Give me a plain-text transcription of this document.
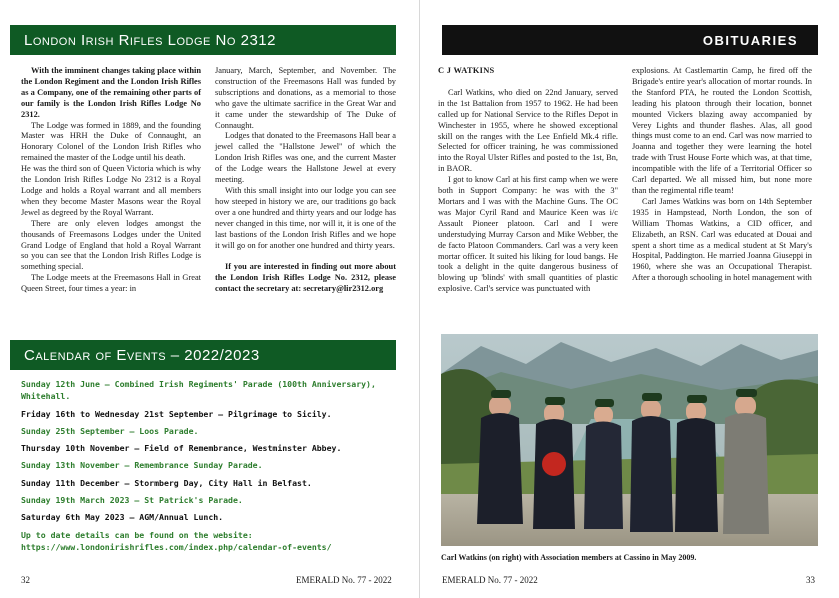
London Irish Rifles Lodge No 2312

With the imminent changes taking place within the London Regiment and the London Irish Rifles as a Company, one of the remaining other parts of our family is the London Irish Rifles Lodge No 2312.

The Lodge was formed in 1889, and the founding Master was HRH the Duke of Connaught, an Honorary Colonel of the London Irish Rifles who remained the master of the Lodge until his death.

He was the third son of Queen Victoria which is why the London Irish Rifles Lodge No 2312 is a Royal Lodge and holds a Royal warrant and all members when they become Master Masons wear the Royal Jewel as degreed by the Royal Warrant.

There are only eleven lodges amongst the thousands of Freemasons Lodges under the United Grand Lodge of England that hold a Royal Warrant so you can see that the London Irish Rifles Lodge is something special.

The Lodge meets at the Freemasons Hall in Great Queen Street, four times a year: in

January, March, September, and November. The construction of the Freemasons Hall was funded by subscriptions and donations, as a memorial to those who gave the ultimate sacrifice in the Great War and it came under the stewardship of The Duke of Connaught.

Lodges that donated to the Freemasons Hall bear a jewel called the "Hallstone Jewel" of which the London Irish Rifles was one, and the current Master of the Lodge wears the Hallstone Jewel at every meeting.

With this small insight into our lodge you can see how steeped in history we are, our traditions go back over a one hundred and thirty years and our lodge has never changed in this time, nor will it, it is one of the last bastions of the London Irish Rifles and we hope it will go on for another one hundred and thirty years.

If you are interested in finding out more about the London Irish Rifles Lodge No. 2312, please contact the secretary at: secretary@lir2312.org

Calendar of Events – 2022/2023
Sunday 12th June – Combined Irish Regiments' Parade (100th Anniversary), Whitehall.
Friday 16th to Wednesday 21st September – Pilgrimage to Sicily.
Sunday 25th September – Loos Parade.
Thursday 10th November – Field of Remembrance, Westminster Abbey.
Sunday 13th November – Remembrance Sunday Parade.
Sunday 11th December – Stormberg Day, City Hall in Belfast.
Sunday 19th March 2023 – St Patrick's Parade.
Saturday 6th May 2023 – AGM/Annual Lunch.
Up to date details can be found on the website:
https://www.londonirishrifles.com/index.php/calendar-of-events/
32	EMERALD No. 77 - 2022
OBITUARIES
C J WATKINS

Carl Watkins, who died on 22nd January, served in the 1st Battalion from 1957 to 1962. He had been called up for National Service to the Rifles Depot in Winchester in 1955, where he showed exceptional skill on the ranges with the Lee Enfield Mk.4 rifle. Selected for officer training, he was commissioned into the Royal Ulster Rifles and posted to the 1st, Bn, in BAOR.

I got to know Carl at his first camp when we were both in Support Company: he was with the 3" Mortars and I was with the Machine Guns. The OC was Major Cyril Rand and Maurice Keen was i/c Assault Pioneer platoon. Carl and I were understudying Murray Carson and Mike Webber, the de facto Platoon Commanders. Carl was a very keen mortar officer. It suited his liking for loud bangs. He took a delight in the quite dangerous business of blowing up 'blinds' with small quantities of plastic explosive. Carl's service was punctuated with

explosions. At Castlemartin Camp, he fired off the Brigade's entire year's allocation of mortar rounds. In the Stanford PTA, he routed the London Scottish, leading his platoon through their location, bonnet mounted Vickers blazing away accompanied by Verey Lights and thunder flashes. Alas, all good things must come to an end. Carl was now married to Joanna and together they were learning the hotel trade with Trust House Forte which was, at that time, incompatible with the life of a Territorial Officer so Carl departed. We all missed him, but none more than the regimental rifle team!

Carl James Watkins was born on 14th September 1935 in Hampstead, North London, the son of William Thomas Watkins, a CID officer, and Elizabeth, an RSN. Carl was educated at Douai and spent a short time as a medical student at St Mary's Hospital, Paddington. He married Joanna Giuseppi in 1960, where she was an Occupational Therapist. After a thorough schooling in hotel management with

Carl Watkins (on right) with Association members at Cassino in May 2009.
EMERALD No. 77 - 2022	33
